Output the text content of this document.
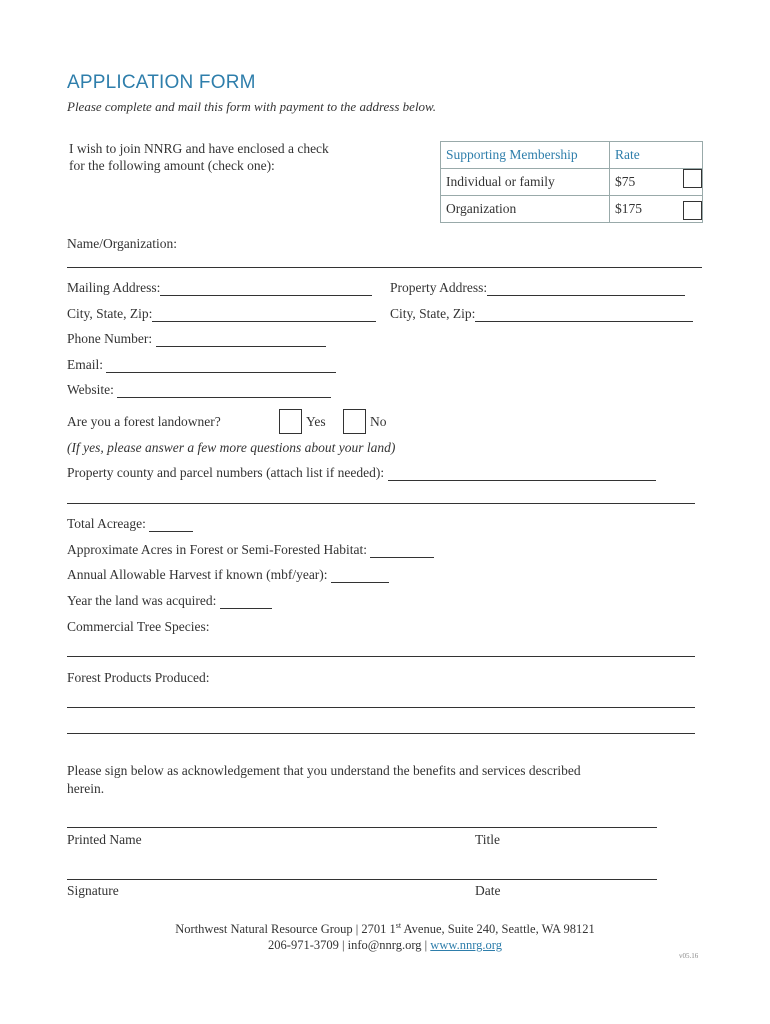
APPLICATION FORM
Please complete and mail this form with payment to the address below.
I wish to join NNRG and have enclosed a check
for the following amount (check one):
Supporting Membership	Rate
Individual or family	$75
Organization	$175
Name/Organization:
Mailing Address:	Property Address:
City, State, Zip:	City, State, Zip:
Phone Number:
Email:
Website:
Are you a forest landowner?	Yes	No
(If yes, please answer a few more questions about your land)
Property county and parcel numbers (attach list if needed):
Total Acreage:
Approximate Acres in Forest or Semi-Forested Habitat:
Annual Allowable Harvest if known (mbf/year):
Year the land was acquired:
Commercial Tree Species:
Forest Products Produced:
Please sign below as acknowledgement that you understand the benefits and services described
herein.
Printed Name	Title
Signature	Date
Northwest Natural Resource Group | 2701 1st Avenue, Suite 240, Seattle, WA 98121
206-971-3709 | info@nnrg.org | www.nnrg.org
v05.16
